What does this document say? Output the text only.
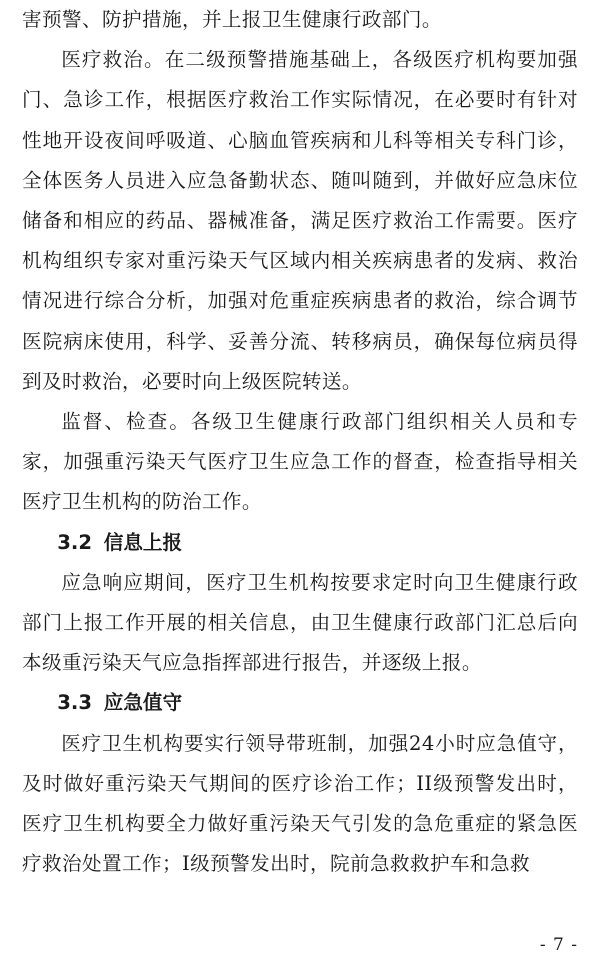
害预警、防护措施，并上报卫生健康行政部门。

医疗救治。在二级预警措施基础上，各级医疗机构要加强门、急诊工作，根据医疗救治工作实际情况，在必要时有针对性地开设夜间呼吸道、心脑血管疾病和儿科等相关专科门诊，全体医务人员进入应急备勤状态、随叫随到，并做好应急床位储备和相应的药品、器械准备，满足医疗救治工作需要。医疗机构组织专家对重污染天气区域内相关疾病患者的发病、救治情况进行综合分析，加强对危重症疾病患者的救治，综合调节医院病床使用，科学、妥善分流、转移病员，确保每位病员得到及时救治，必要时向上级医院转送。

监督、检查。各级卫生健康行政部门组织相关人员和专家，加强重污染天气医疗卫生应急工作的督查，检查指导相关医疗卫生机构的防治工作。

3.2 信息上报

应急响应期间，医疗卫生机构按要求定时向卫生健康行政部门上报工作开展的相关信息，由卫生健康行政部门汇总后向本级重污染天气应急指挥部进行报告，并逐级上报。

3.3 应急值守

医疗卫生机构要实行领导带班制，加强24小时应急值守，及时做好重污染天气期间的医疗诊治工作；II级预警发出时，医疗卫生机构要全力做好重污染天气引发的急危重症的紧急医疗救治处置工作；I级预警发出时，院前急救救护车和急救

- 7 -
